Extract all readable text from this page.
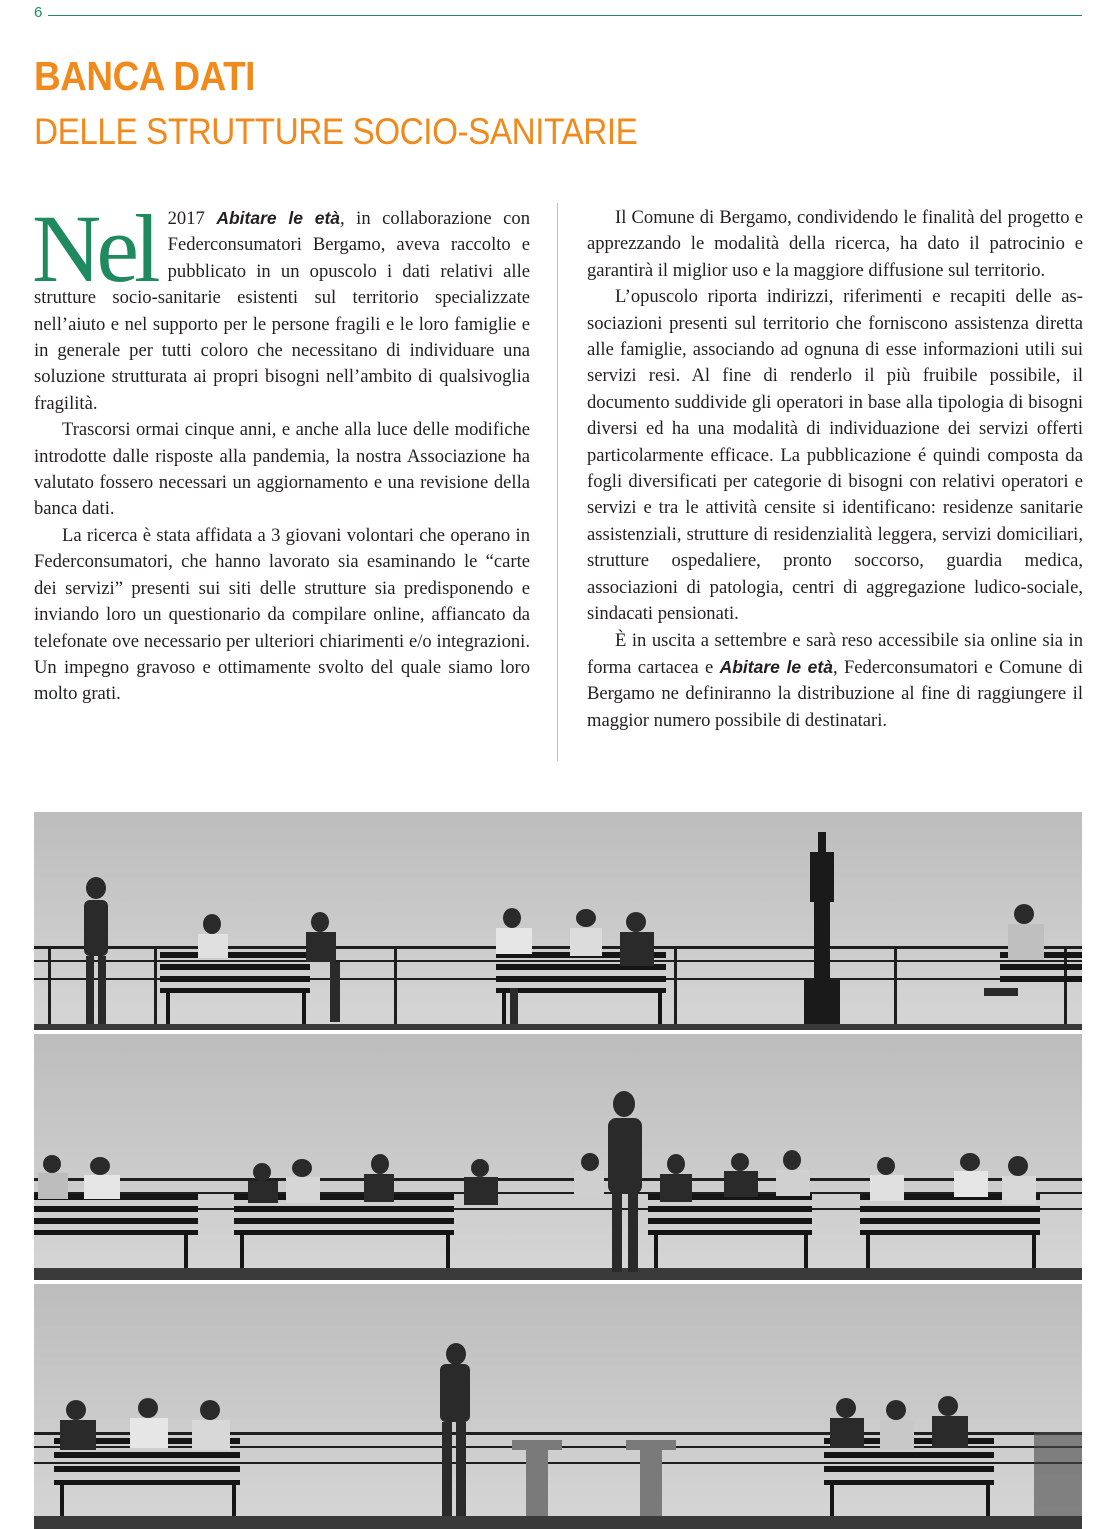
6
BANCA DATI
DELLE STRUTTURE SOCIO-SANITARIE

Nel 2017 Abitare le età, in collaborazione con Federconsumatori Bergamo, aveva raccolto e pubblicato in un opuscolo i dati relativi alle strutture socio-sanitarie esistenti sul territorio specializzate nell’aiuto e nel supporto per le persone fragili e le loro famiglie e in generale per tutti coloro che necessitano di individuare una soluzione strutturata ai propri bisogni nell’ambito di qualsivoglia fragilità.

Trascorsi ormai cinque anni, e anche alla luce delle modifiche introdotte dalle risposte alla pandemia, la nostra Associazione ha valutato fossero necessari un aggiornamento e una revisione della banca dati.

La ricerca è stata affidata a 3 giovani volontari che operano in Federconsumatori, che hanno lavorato sia esaminando le “carte dei servizi” presenti sui siti delle strutture sia predisponendo e inviando loro un questionario da compilare online, affiancato da telefonate ove necessario per ulteriori chiarimenti e/o integrazioni. Un impegno gravoso e ottimamente svolto del quale siamo loro molto grati.

Il Comune di Bergamo, condividendo le finalità del progetto e apprezzando le modalità della ricerca, ha dato il patrocinio e garantirà il miglior uso e la maggiore diffusione sul territorio.

L’opuscolo riporta indirizzi, riferimenti e recapiti delle associazioni presenti sul territorio che forniscono assistenza diretta alle famiglie, associando ad ognuna di esse informazioni utili sui servizi resi. Al fine di renderlo il più fruibile possibile, il documento suddivide gli operatori in base alla tipologia di bisogni diversi ed ha una modalità di individuazione dei servizi offerti particolarmente efficace. La pubblicazione é quindi composta da fogli diversificati per categorie di bisogni con relativi operatori e servizi e tra le attività censite si identificano: residenze sanitarie assistenziali, strutture di residenzialità leggera, servizi domiciliari, strutture ospedaliere, pronto soccorso, guardia medica, associazioni di patologia, centri di aggregazione ludico-sociale, sindacati pensionati.

È in uscita a settembre e sarà reso accessibile sia online sia in forma cartacea e Abitare le età, Federconsumatori e Comune di Bergamo ne definiranno la distribuzione al fine di raggiungere il maggior numero possibile di destinatari.
